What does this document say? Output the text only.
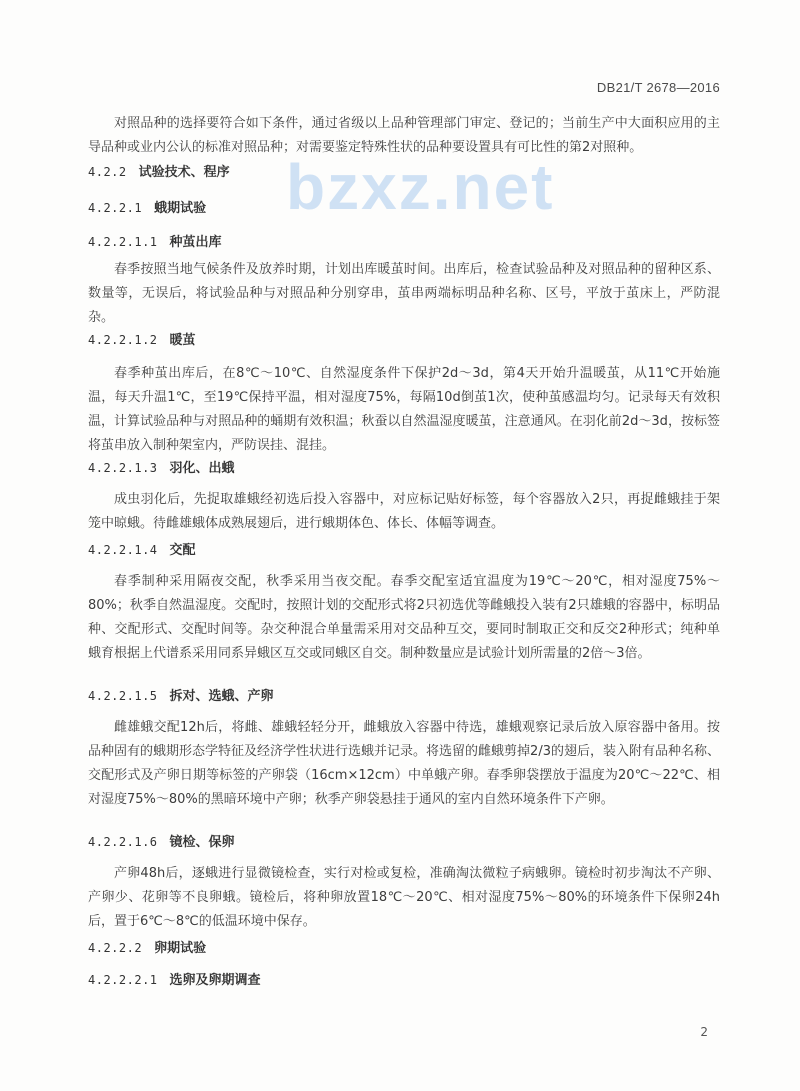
DB21/T 2678—2016
bzxz.net

对照品种的选择要符合如下条件，通过省级以上品种管理部门审定、登记的；当前生产中大面积应用的主导品种或业内公认的标准对照品种；对需要鉴定特殊性状的品种要设置具有可比性的第2对照种。

4.2.2 试验技术、程序
4.2.2.1 蛾期试验
4.2.2.1.1 种茧出库

春季按照当地气候条件及放养时期，计划出库暖茧时间。出库后，检查试验品种及对照品种的留种区系、数量等，无误后，将试验品种与对照品种分别穿串，茧串两端标明品种名称、区号，平放于茧床上，严防混杂。

4.2.2.1.2 暖茧

春季种茧出库后，在8℃～10℃、自然湿度条件下保护2d～3d，第4天开始升温暖茧，从11℃开始施温，每天升温1℃，至19℃保持平温，相对湿度75%，每隔10d倒茧1次，使种茧感温均匀。记录每天有效积温，计算试验品种与对照品种的蛹期有效积温；秋蚕以自然温湿度暖茧，注意通风。在羽化前2d～3d，按标签将茧串放入制种架室内，严防误挂、混挂。

4.2.2.1.3 羽化、出蛾

成虫羽化后，先捉取雄蛾经初选后投入容器中，对应标记贴好标签，每个容器放入2只，再捉雌蛾挂于架笼中晾蛾。待雌雄蛾体成熟展翅后，进行蛾期体色、体长、体幅等调查。

4.2.2.1.4 交配

春季制种采用隔夜交配，秋季采用当夜交配。春季交配室适宜温度为19℃～20℃，相对湿度75%～80%；秋季自然温湿度。交配时，按照计划的交配形式将2只初选优等雌蛾投入装有2只雄蛾的容器中，标明品种、交配形式、交配时间等。杂交种混合单量需采用对交品种互交，要同时制取正交和反交2种形式；纯种单蛾育根据上代谱系采用同系异蛾区互交或同蛾区自交。制种数量应是试验计划所需量的2倍～3倍。

4.2.2.1.5 拆对、选蛾、产卵

雌雄蛾交配12h后，将雌、雄蛾轻轻分开，雌蛾放入容器中待选，雄蛾观察记录后放入原容器中备用。按品种固有的蛾期形态学特征及经济学性状进行选蛾并记录。将选留的雌蛾剪掉2/3的翅后，装入附有品种名称、交配形式及产卵日期等标签的产卵袋（16cm×12cm）中单蛾产卵。春季卵袋摆放于温度为20℃～22℃、相对湿度75%～80%的黑暗环境中产卵；秋季产卵袋悬挂于通风的室内自然环境条件下产卵。

4.2.2.1.6 镜检、保卵

产卵48h后，逐蛾进行显微镜检查，实行对检或复检，准确淘汰微粒子病蛾卵。镜检时初步淘汰不产卵、产卵少、花卵等不良卵蛾。镜检后，将种卵放置18℃～20℃、相对湿度75%～80%的环境条件下保卵24h后，置于6℃～8℃的低温环境中保存。

4.2.2.2 卵期试验
4.2.2.2.1 选卵及卵期调查
2
